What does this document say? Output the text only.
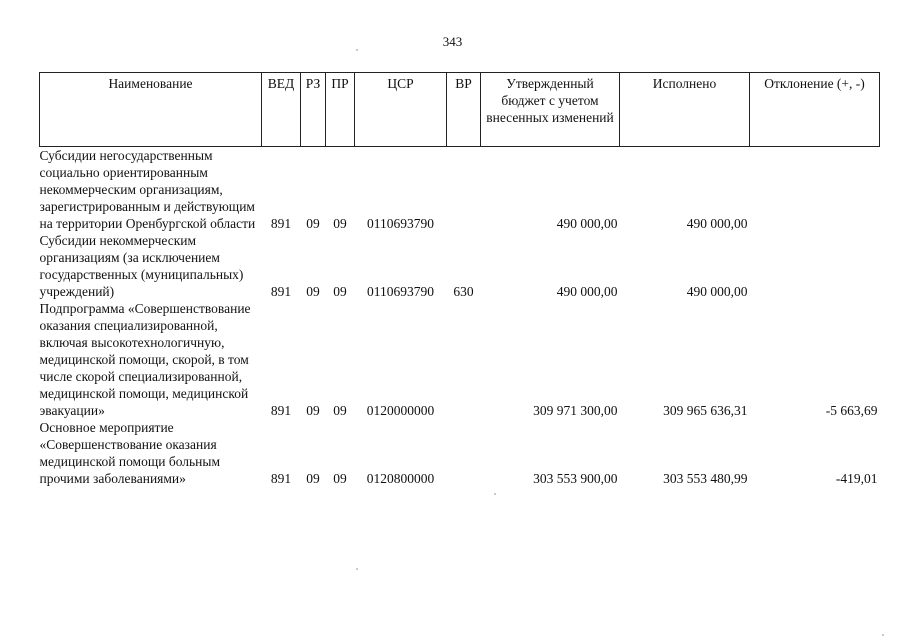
343
Наименование	ВЕД	РЗ	ПР	ЦСР	ВР	Утвержденный бюджет с учетом внесенных изменений	Исполнено	Отклонение (+, -)
Субсидии негосударственным социально ориентированным некоммерческим организациям, зарегистрированным и действующим на территории Оренбургской области	891	09	09	0110693790		490 000,00	490 000,00	
Субсидии некоммерческим организациям (за исключением государственных (муниципальных) учреждений)	891	09	09	0110693790	630	490 000,00	490 000,00	
Подпрограмма «Совершенствование оказания специализированной, включая высокотехнологичную, медицинской помощи, скорой, в том числе скорой специализированной, медицинской помощи, медицинской эвакуации»	891	09	09	0120000000		309 971 300,00	309 965 636,31	-5 663,69
Основное мероприятие «Совершенствование оказания медицинской помощи больным прочими заболеваниями»	891	09	09	0120800000		303 553 900,00	303 553 480,99	-419,01
